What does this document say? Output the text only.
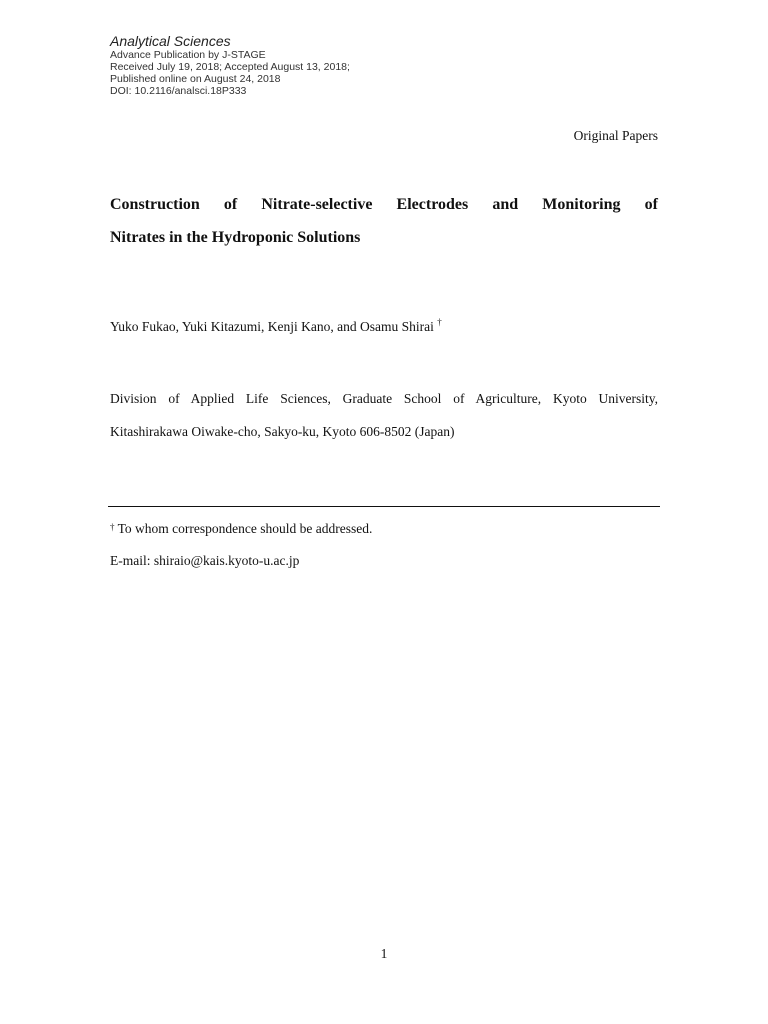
Analytical Sciences

Advance Publication by J-STAGE

Received July 19, 2018; Accepted August 13, 2018;

Published online on August 24, 2018

DOI: 10.2116/analsci.18P333

Original Papers
Construction of Nitrate-selective Electrodes and Monitoring of
Nitrates in the Hydroponic Solutions
Yuko Fukao, Yuki Kitazumi, Kenji Kano, and Osamu Shirai †
Division of Applied Life Sciences, Graduate School of Agriculture, Kyoto University,
Kitashirakawa Oiwake-cho, Sakyo-ku, Kyoto 606-8502 (Japan)
† To whom correspondence should be addressed.
E-mail: shiraio@kais.kyoto-u.ac.jp
1
